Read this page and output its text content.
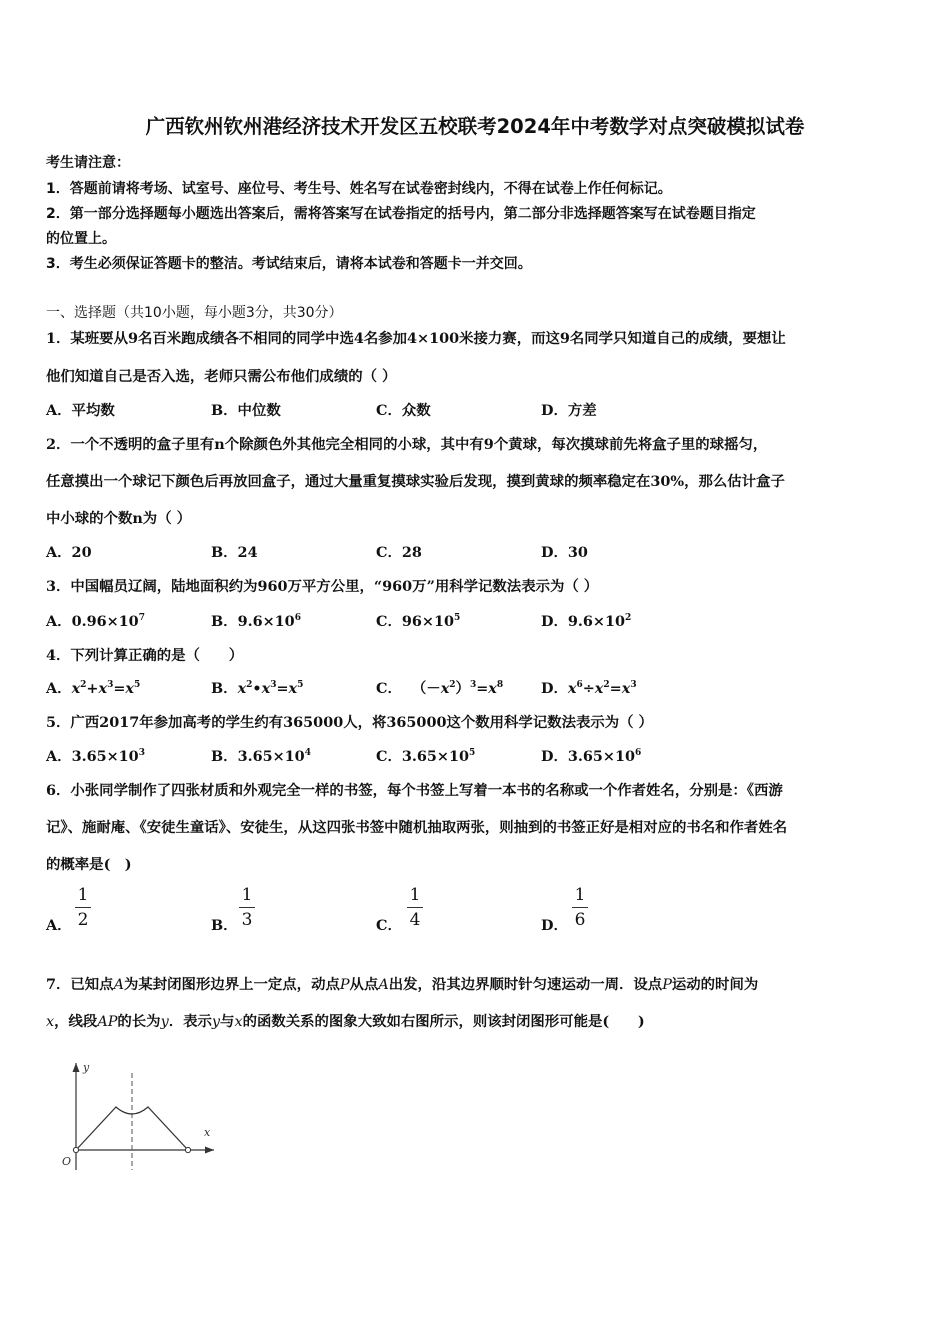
广西钦州钦州港经济技术开发区五校联考2024年中考数学对点突破模拟试卷
考生请注意：
1．答题前请将考场、试室号、座位号、考生号、姓名写在试卷密封线内，不得在试卷上作任何标记。
2．第一部分选择题每小题选出答案后，需将答案写在试卷指定的括号内，第二部分非选择题答案写在试卷题目指定
的位置上。
3．考生必须保证答题卡的整洁。考试结束后，请将本试卷和答题卡一并交回。
一、选择题（共10小题，每小题3分，共30分）
1．某班要从9名百米跑成绩各不相同的同学中选4名参加4×100米接力赛，而这9名同学只知道自己的成绩，要想让
他们知道自己是否入选，老师只需公布他们成绩的（ ）
A．平均数	B．中位数	C．众数	D．方差
2．一个不透明的盒子里有n个除颜色外其他完全相同的小球，其中有9个黄球，每次摸球前先将盒子里的球摇匀，
任意摸出一个球记下颜色后再放回盒子，通过大量重复摸球实验后发现，摸到黄球的频率稳定在30%，那么估计盒子
中小球的个数n为（ ）
A．20	B．24	C．28	D．30
3．中国幅员辽阔，陆地面积约为960万平方公里，“960万”用科学记数法表示为（ ）
A．$0.96\times 10^7$	B．$9.6\times 10^6$	C．$96\times 10^5$	D．$9.6\times 10^2$
4．下列计算正确的是（　　）
A．$x^2+x^3=x^5$	B．$x^2•x^3=x^5$	C． $(-x^2)^3=x^8$	D．$x^6\div x^2=x^3$
5．广西2017年参加高考的学生约有365000人，将365000这个数用科学记数法表示为（ ）
A．$3.65\times 10^3$	B．$3.65\times 10^4$	C．$3.65\times 10^5$	D．$3.65\times 10^6$
6．小张同学制作了四张材质和外观完全一样的书签，每个书签上写着一本书的名称或一个作者姓名，分别是：《西游
记》、施耐庵、《安徒生童话》、安徒生，从这四张书签中随机抽取两张，则抽到的书签正好是相对应的书名和作者姓名
的概率是(　)
A．
1
2	B．
1
3	C．
1
4	D．
1
6
7．已知点A为某封闭图形边界上一定点，动点P从点A出发，沿其边界顺时针匀速运动一周．设点P运动的时间为
x，线段AP的长为y．表示y与x的函数关系的图象大致如右图所示，则该封闭图形可能是(　　)
y
x
O
